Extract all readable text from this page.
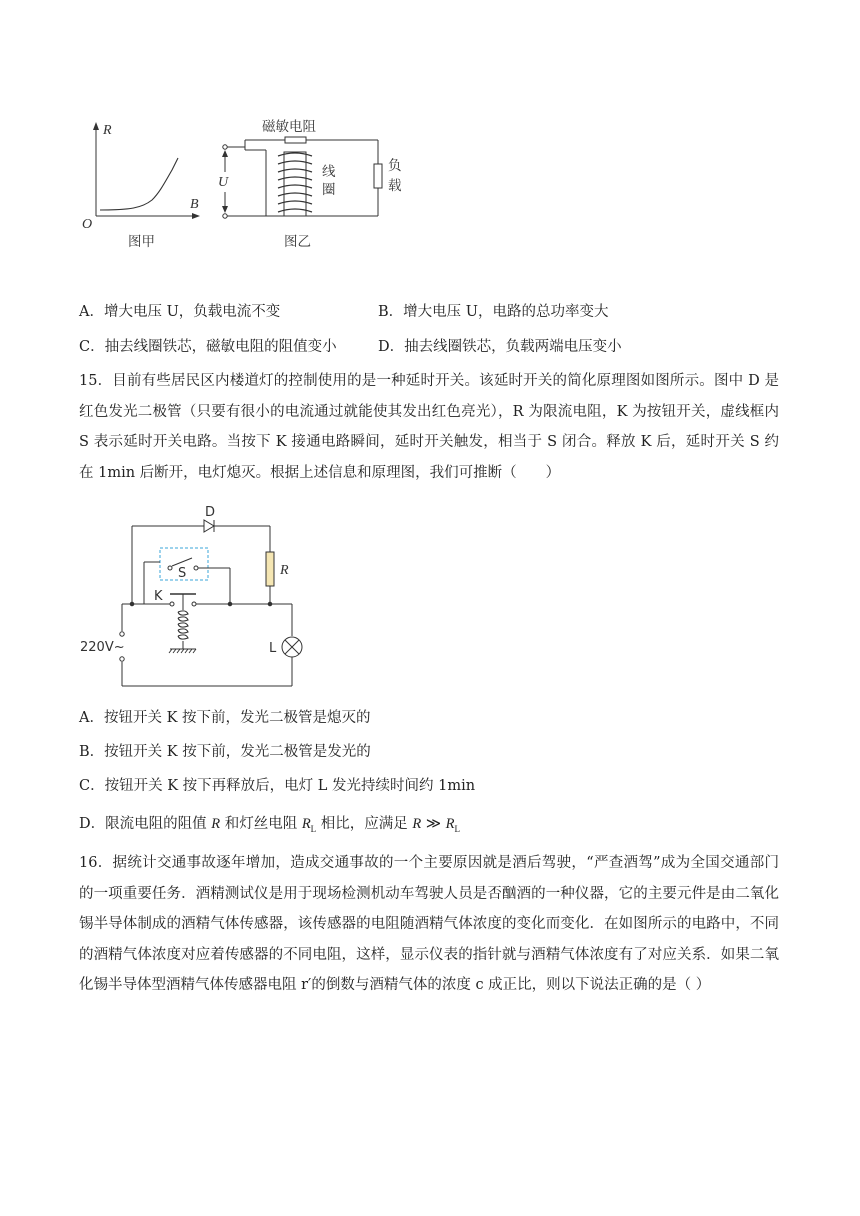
R
B
O
图甲
磁敏电阻
线
圈
负
载
U
图乙
A．增大电压 U，负载电流不变	B．增大电压 U，电路的总功率变大
C．抽去线圈铁芯，磁敏电阻的阻值变小	D．抽去线圈铁芯，负载两端电压变小
15．目前有些居民区内楼道灯的控制使用的是一种延时开关。该延时开关的简化原理图如图所示。图中 D 是红色发光二极管（只要有很小的电流通过就能使其发出红色亮光），R 为限流电阻，K 为按钮开关，虚线框内 S 表示延时开关电路。当按下 K 接通电路瞬间，延时开关触发，相当于 S 闭合。释放 K 后，延时开关 S 约在 1min 后断开，电灯熄灭。根据上述信息和原理图，我们可推断（　　）
D
S	R
K
L
220V~
A．按钮开关 K 按下前，发光二极管是熄灭的
B．按钮开关 K 按下前，发光二极管是发光的
C．按钮开关 K 按下再释放后，电灯 L 发光持续时间约 1min
D．限流电阻的阻值 R 和灯丝电阻 $R_L$ 相比，应满足 R ≫ $R_L$
16．据统计交通事故逐年增加，造成交通事故的一个主要原因就是酒后驾驶，“严查酒驾”成为全国交通部门的一项重要任务．酒精测试仪是用于现场检测机动车驾驶人员是否酗酒的一种仪器，它的主要元件是由二氧化锡半导体制成的酒精气体传感器，该传感器的电阻随酒精气体浓度的变化而变化．在如图所示的电路中，不同的酒精气体浓度对应着传感器的不同电阻，这样，显示仪表的指针就与酒精气体浓度有了对应关系．如果二氧化锡半导体型酒精气体传感器电阻 r′的倒数与酒精气体的浓度 c 成正比，则以下说法正确的是（ ）
